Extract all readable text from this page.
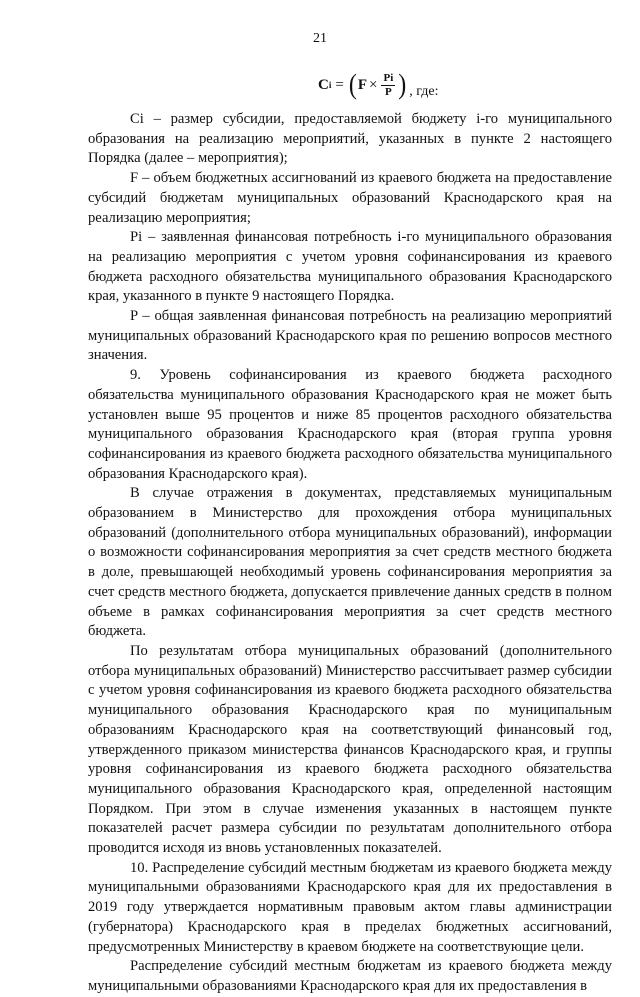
21
C i = ( $F \times \frac{Pi}{P}$ ) , где:

Сi – размер субсидии, предоставляемой бюджету i-го муниципального образования на реализацию мероприятий, указанных в пункте 2 настоящего Порядка (далее – мероприятия);

F – объем бюджетных ассигнований из краевого бюджета на предоставление субсидий бюджетам муниципальных образований Краснодарского края на реализацию мероприятия;

Pi – заявленная финансовая потребность i-го муниципального образования на реализацию мероприятия с учетом уровня софинансирования из краевого бюджета расходного обязательства муниципального образования Краснодарского края, указанного в пункте 9 настоящего Порядка.

P – общая заявленная финансовая потребность на реализацию мероприятий муниципальных образований Краснодарского края по решению вопросов местного значения.

9. Уровень софинансирования из краевого бюджета расходного обязательства муниципального образования Краснодарского края не может быть установлен выше 95 процентов и ниже 85 процентов расходного обязательства муниципального образования Краснодарского края (вторая группа уровня софинансирования из краевого бюджета расходного обязательства муниципального образования Краснодарского края).

В случае отражения в документах, представляемых муниципальным образованием в Министерство для прохождения отбора муниципальных образований (дополнительного отбора муниципальных образований), информации о возможности софинансирования мероприятия за счет средств местного бюджета в доле, превышающей необходимый уровень софинансирования мероприятия за счет средств местного бюджета, допускается привлечение данных средств в полном объеме в рамках софинансирования мероприятия за счет средств местного бюджета.

По результатам отбора муниципальных образований (дополнительного отбора муниципальных образований) Министерство рассчитывает размер субсидии с учетом уровня софинансирования из краевого бюджета расходного обязательства муниципального образования Краснодарского края по муниципальным образованиям Краснодарского края на соответствующий финансовый год, утвержденного приказом министерства финансов Краснодарского края, и группы уровня софинансирования из краевого бюджета расходного обязательства муниципального образования Краснодарского края, определенной настоящим Порядком. При этом в случае изменения указанных в настоящем пункте показателей расчет размера субсидии по результатам дополнительного отбора проводится исходя из вновь установленных показателей.

10. Распределение субсидий местным бюджетам из краевого бюджета между муниципальными образованиями Краснодарского края для их предоставления в 2019 году утверждается нормативным правовым актом главы администрации (губернатора) Краснодарского края в пределах бюджетных ассигнований, предусмотренных Министерству в краевом бюджете на соответствующие цели.

Распределение субсидий местным бюджетам из краевого бюджета между муниципальными образованиями Краснодарского края для их предоставления в
